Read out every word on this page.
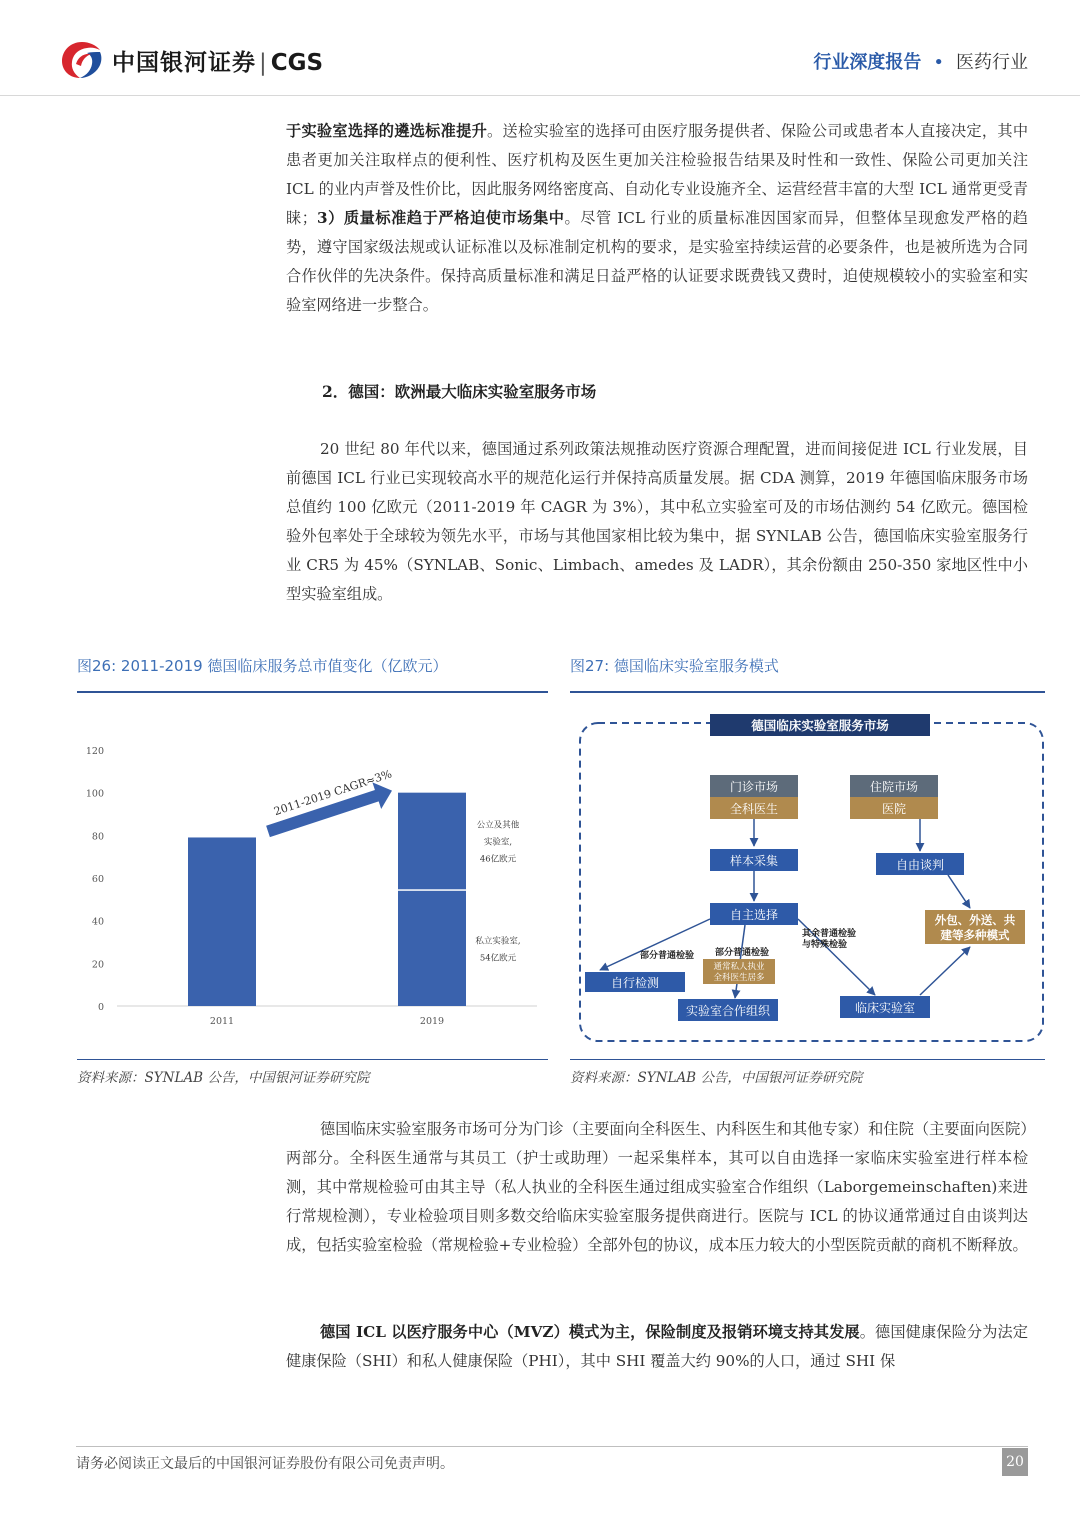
中国银河证券 | CGS	行业深度报告 • 医药行业
于实验室选择的遴选标准提升。送检实验室的选择可由医疗服务提供者、保险公司或患者本人直接决定，其中患者更加关注取样点的便利性、医疗机构及医生更加关注检验报告结果及时性和一致性、保险公司更加关注 ICL 的业内声誉及性价比，因此服务网络密度高、自动化专业设施齐全、运营经营丰富的大型 ICL 通常更受青睐；3）质量标准趋于严格迫使市场集中。尽管 ICL 行业的质量标准因国家而异，但整体呈现愈发严格的趋势，遵守国家级法规或认证标准以及标准制定机构的要求，是实验室持续运营的必要条件，也是被所选为合同合作伙伴的先决条件。保持高质量标准和满足日益严格的认证要求既费钱又费时，迫使规模较小的实验室和实验室网络进一步整合。
2．德国：欧洲最大临床实验室服务市场
20 世纪 80 年代以来，德国通过系列政策法规推动医疗资源合理配置，进而间接促进 ICL 行业发展，目前德国 ICL 行业已实现较高水平的规范化运行并保持高质量发展。据 CDA 测算，2019 年德国临床服务市场总值约 100 亿欧元（2011-2019 年 CAGR 为 3%），其中私立实验室可及的市场估测约 54 亿欧元。德国检验外包率处于全球较为领先水平，市场与其他国家相比较为集中，据 SYNLAB 公告，德国临床实验室服务行业 CR5 为 45%（SYNLAB、Sonic、Limbach、amedes 及 LADR），其余份额由 250-350 家地区性中小型实验室组成。
图26: 2011-2019 德国临床服务总市值变化（亿欧元）
0
20
40
60
80
100
120
2011	2019
2011-2019 CAGR≈3%
公立及其他
实验室,
46亿欧元
私立实验室,
54亿欧元
资料来源：SYNLAB 公告，中国银河证券研究院
图27: 德国临床实验室服务模式
德国临床实验室服务市场
门诊市场
全科医生
住院市场
医院
样本采集	自由谈判
自主选择	外包、外送、共
建等多种模式
部分普通检验 部分普通检验
其余普通检验
与特殊检验
通常私人执业
全科医生居多
自行检测
实验室合作组织	临床实验室
资料来源：SYNLAB 公告，中国银河证券研究院
德国临床实验室服务市场可分为门诊（主要面向全科医生、内科医生和其他专家）和住院（主要面向医院）两部分。全科医生通常与其员工（护士或助理）一起采集样本，其可以自由选择一家临床实验室进行样本检测，其中常规检验可由其主导（私人执业的全科医生通过组成实验室合作组织（Laborgemeinschaften)来进行常规检测），专业检验项目则多数交给临床实验室服务提供商进行。医院与 ICL 的协议通常通过自由谈判达成，包括实验室检验（常规检验+专业检验）全部外包的协议，成本压力较大的小型医院贡献的商机不断释放。
德国 ICL 以医疗服务中心（MVZ）模式为主，保险制度及报销环境支持其发展。德国健康保险分为法定健康保险（SHI）和私人健康保险（PHI），其中 SHI 覆盖大约 90%的人口，通过 SHI 保
请务必阅读正文最后的中国银河证券股份有限公司免责声明。	20
